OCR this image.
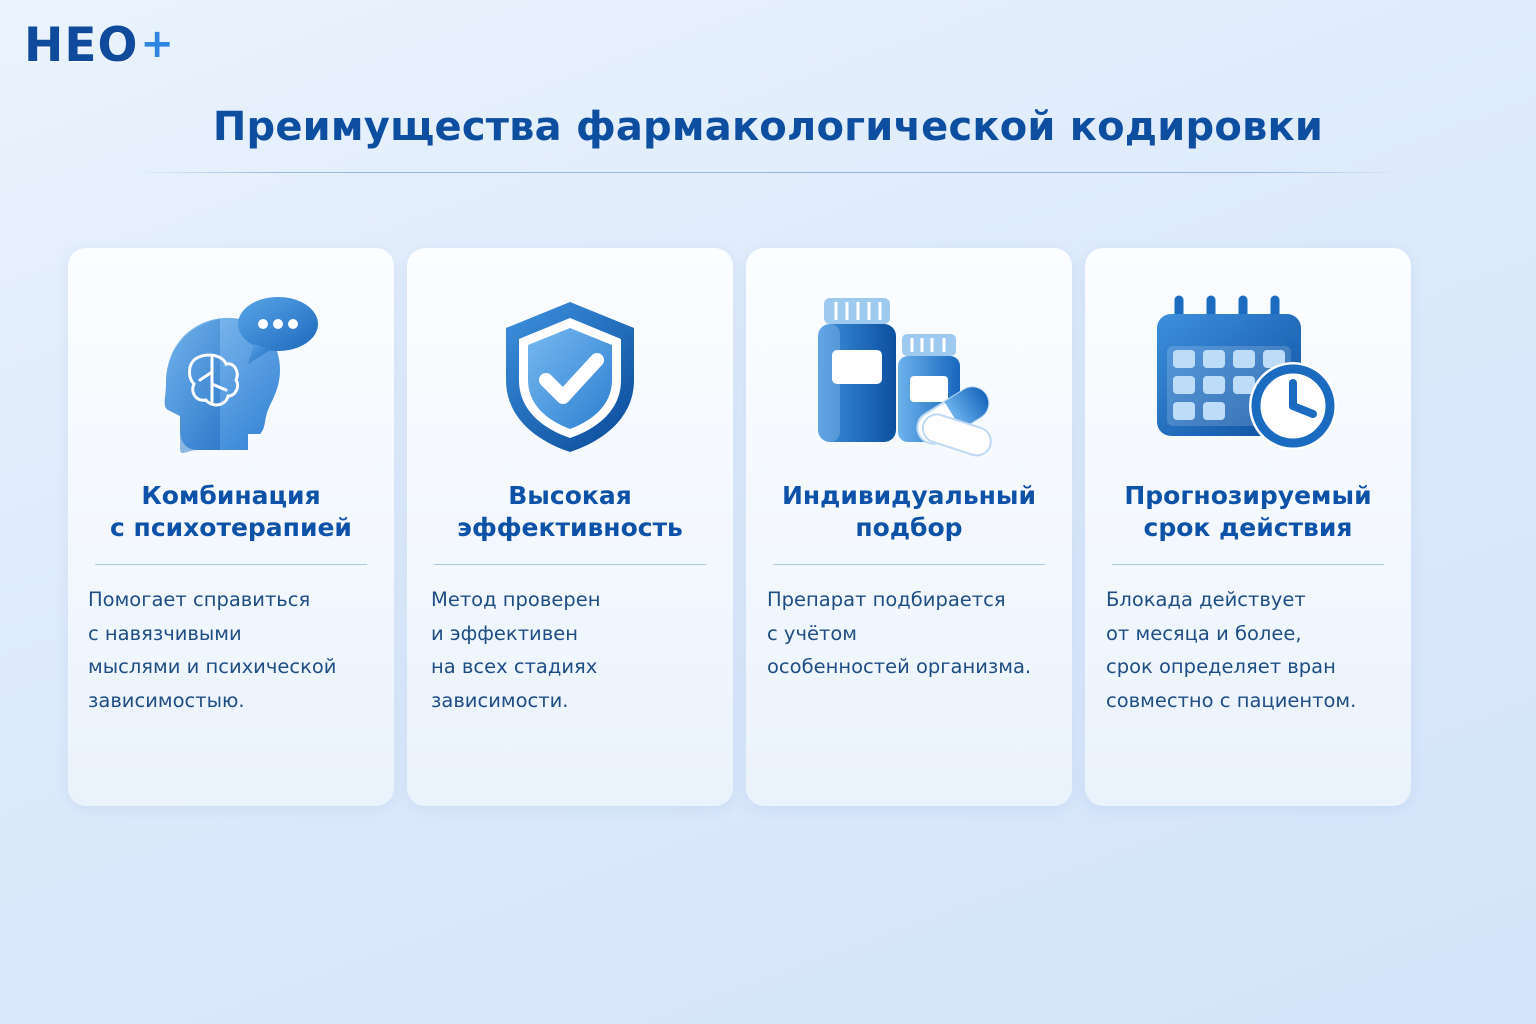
HEO +
Преимущества фармакологической кодировки
Комбинация
с психотерапией
Помогает справиться
с навязчивыми
мыслями и психической
зависимостыю.
Высокая
эффективность
Метод проверен
и эффективен
на всех стадиях
зависимости.
Индивидуальный
подбор
Препарат подбирается
с учётом
особенностей организма.
Прогнозируемый
срок действия
Блокада действует
от месяца и более,
срок определяет вран
совместно с пациентом.
